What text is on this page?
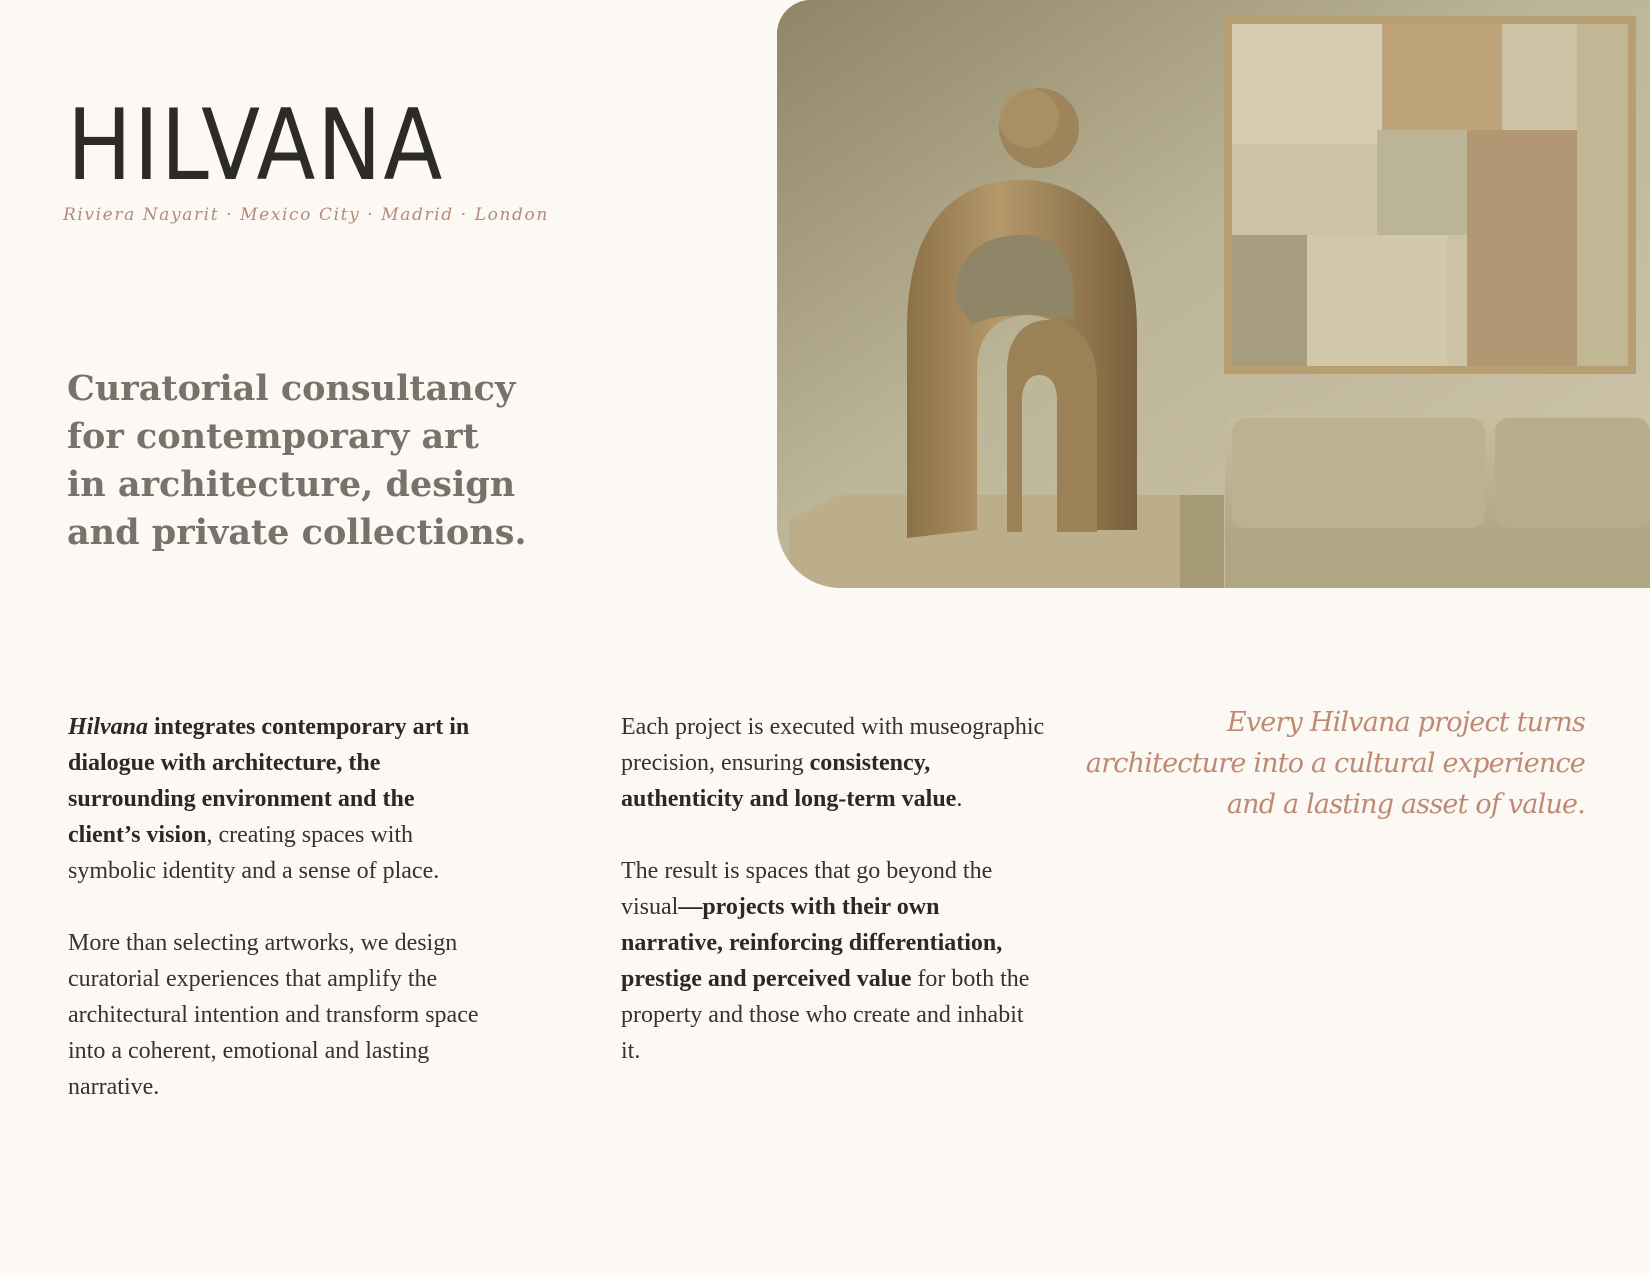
HILVANA
Riviera Nayarit · Mexico City · Madrid · London
Curatorial consultancy
for contemporary art
in architecture, design
and private collections.

Hilvana integrates contemporary art in dialogue with architecture, the surrounding environment and the client’s vision, creating spaces with symbolic identity and a sense of place.

More than selecting artworks, we design curatorial experiences that amplify the architectural intention and transform space into a coherent, emotional and lasting narrative.

Each project is executed with museographic precision, ensuring consistency, authenticity and long-term value.

The result is spaces that go beyond the visual—projects with their own narrative, reinforcing differentiation, prestige and perceived value for both the property and those who create and inhabit it.

Every Hilvana project turns architecture into a cultural experience and a lasting asset of value.
